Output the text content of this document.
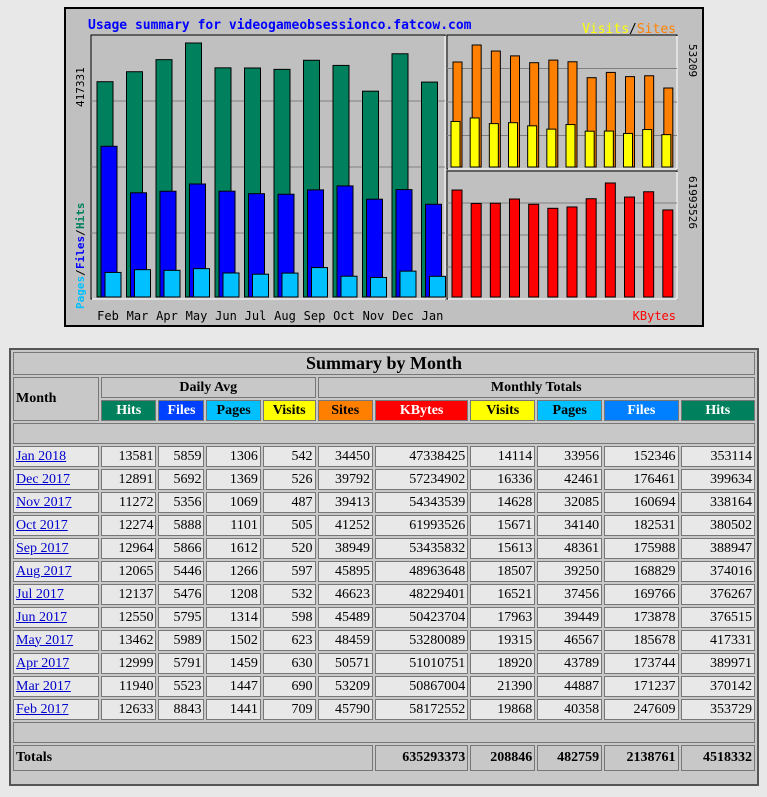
Usage summary for videogameobsessionco.fatcow.com	Visits/Sites
417331
53209
61993526
Pages
/
Files
/
Hits
KBytes
Feb Mar Apr May Jun Jul Aug Sep Oct Nov Dec Jan
Summary by Month										
Month	Daily Avg				Monthly Totals					
	Hits	Files	Pages	Visits	Sites	KBytes	Visits	Pages	Files	Hits

Jan 2018	13581	5859	1306	542	34450	47338425	14114	33956	152346	353114
Dec 2017	12891	5692	1369	526	39792	57234902	16336	42461	176461	399634
Nov 2017	11272	5356	1069	487	39413	54343539	14628	32085	160694	338164
Oct 2017	12274	5888	1101	505	41252	61993526	15671	34140	182531	380502
Sep 2017	12964	5866	1612	520	38949	53435832	15613	48361	175988	388947
Aug 2017	12065	5446	1266	597	45895	48963648	18507	39250	168829	374016
Jul 2017	12137	5476	1208	532	46623	48229401	16521	37456	169766	376267
Jun 2017	12550	5795	1314	598	45489	50423704	17963	39449	173878	376515
May 2017	13462	5989	1502	623	48459	53280089	19315	46567	185678	417331
Apr 2017	12999	5791	1459	630	50571	51010751	18920	43789	173744	389971
Mar 2017	11940	5523	1447	690	53209	50867004	21390	44887	171237	370142
Feb 2017	12633	8843	1441	709	45790	58172552	19868	40358	247609	353729

Totals						635293373	208846	482759	2138761	4518332
